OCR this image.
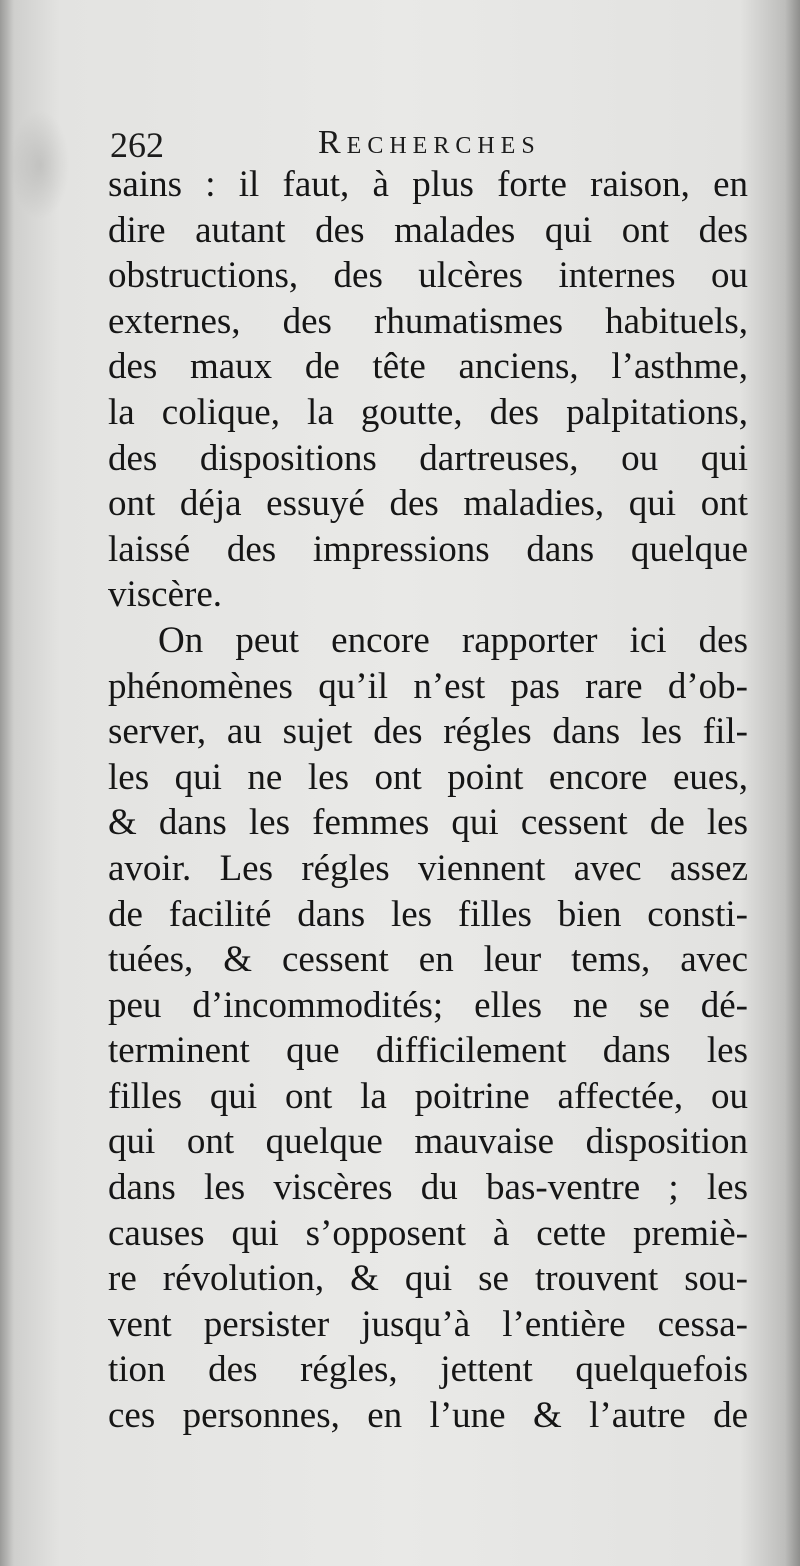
262	Recherches
sains : il faut, à plus forte raison, en
dire autant des malades qui ont des
obstructions, des ulcères internes ou
externes, des rhumatismes habituels,
des maux de tête anciens, l’asthme,
la colique, la goutte, des palpitations,
des dispositions dartreuses, ou qui
ont déja essuyé des maladies, qui ont
laissé des impressions dans quelque
viscère.
On peut encore rapporter ici des
phénomènes qu’il n’est pas rare d’ob-
server, au sujet des régles dans les fil-
les qui ne les ont point encore eues,
& dans les femmes qui cessent de les
avoir. Les régles viennent avec assez
de facilité dans les filles bien consti-
tuées, & cessent en leur tems, avec
peu d’incommodités; elles ne se dé-
terminent que difficilement dans les
filles qui ont la poitrine affectée, ou
qui ont quelque mauvaise disposition
dans les viscères du bas-ventre ; les
causes qui s’opposent à cette premiè-
re révolution, & qui se trouvent sou-
vent persister jusqu’à l’entière cessa-
tion des régles, jettent quelquefois
ces personnes, en l’une & l’autre de
